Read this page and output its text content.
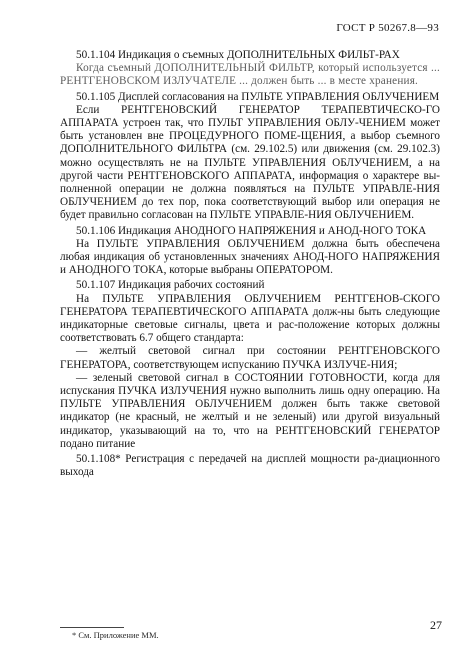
ГОСТ Р 50267.8—93

50.1.104 Индикация о съемных ДОПОЛНИТЕЛЬНЫХ ФИЛЬТ-РАХ

Когда съемный ДОПОЛНИТЕЛЬНЫЙ ФИЛЬТР, который используется ... РЕНТГЕНОВСКОМ ИЗЛУЧАТЕЛЕ ... должен быть ... в месте хранения.

50.1.105 Дисплей согласования на ПУЛЬТЕ УПРАВЛЕНИЯ ОБЛУЧЕНИЕМ

Если РЕНТГЕНОВСКИЙ ГЕНЕРАТОР ТЕРАПЕВТИЧЕСКО-ГО АППАРАТА устроен так, что ПУЛЬТ УПРАВЛЕНИЯ ОБЛУ-ЧЕНИЕМ может быть установлен вне ПРОЦЕДУРНОГО ПОМЕ-ЩЕНИЯ, а выбор съемного ДОПОЛНИТЕЛЬНОГО ФИЛЬТРА (см. 29.102.5) или движения (см. 29.102.3) можно осуществлять не на ПУЛЬТЕ УПРАВЛЕНИЯ ОБЛУЧЕНИЕМ, а на другой части РЕНТГЕНОВСКОГО АППАРАТА, информация о характере вы-полненной операции не должна появляться на ПУЛЬТЕ УПРАВЛЕ-НИЯ ОБЛУЧЕНИЕМ до тех пор, пока соответствующий выбор или операция не будет правильно согласован на ПУЛЬТЕ УПРАВЛЕ-НИЯ ОБЛУЧЕНИЕМ.

50.1.106 Индикация АНОДНОГО НАПРЯЖЕНИЯ и АНОД-НОГО ТОКА

На ПУЛЬТЕ УПРАВЛЕНИЯ ОБЛУЧЕНИЕМ должна быть обеспечена любая индикация об установленных значениях АНОД-НОГО НАПРЯЖЕНИЯ и АНОДНОГО ТОКА, которые выбраны ОПЕРАТОРОМ.

50.1.107 Индикация рабочих состояний

На ПУЛЬТЕ УПРАВЛЕНИЯ ОБЛУЧЕНИЕМ РЕНТГЕНОВ-СКОГО ГЕНЕРАТОРА ТЕРАПЕВТИЧЕСКОГО АППАРАТА долж-ны быть следующие индикаторные световые сигналы, цвета и рас-положение которых должны соответствовать 6.7 общего стандарта:

— желтый световой сигнал при состоянии РЕНТГЕНОВСКОГО ГЕНЕРАТОРА, соответствующем испусканию ПУЧКА ИЗЛУЧЕ-НИЯ;

— зеленый световой сигнал в СОСТОЯНИИ ГОТОВНОСТИ, когда для испускания ПУЧКА ИЗЛУЧЕНИЯ нужно выполнить лишь одну операцию. На ПУЛЬТЕ УПРАВЛЕНИЯ ОБЛУЧЕНИЕМ должен быть также световой индикатор (не красный, не желтый и не зеленый) или другой визуальный индикатор, указывающий на то, что на РЕНТГЕНОВСКИЙ ГЕНЕРАТОР подано питание

50.1.108* Регистрация с передачей на дисплей мощности ра-диационного выхода

* См. Приложение ММ.
27
